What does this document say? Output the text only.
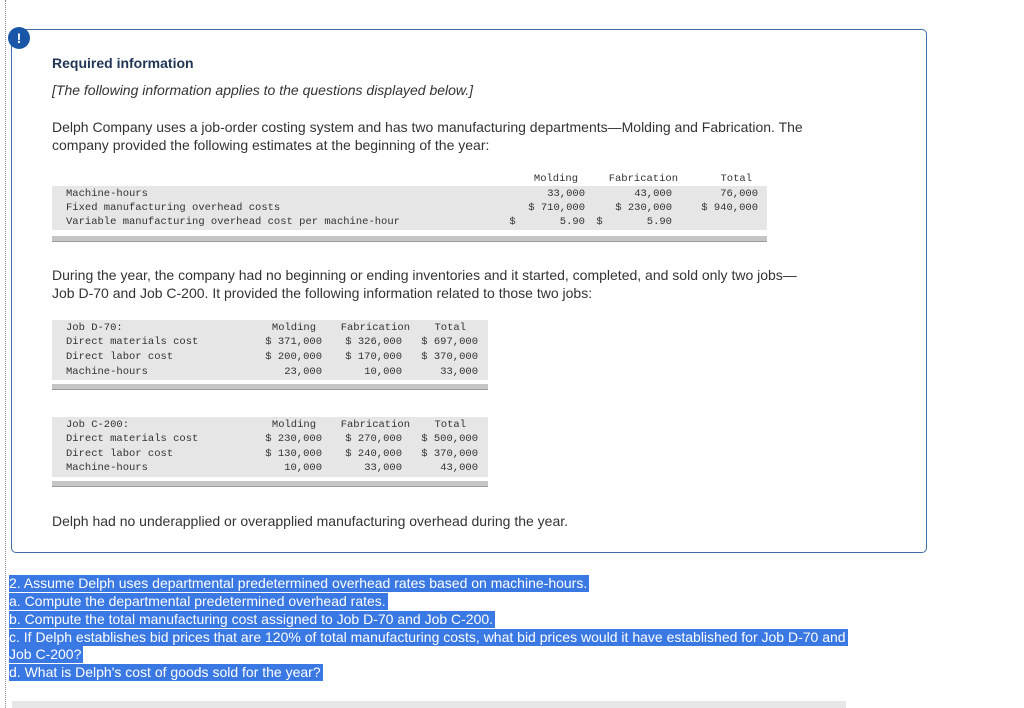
!
Required information
[The following information applies to the questions displayed below.]
Delph Company uses a job-order costing system and has two manufacturing departments—Molding and Fabrication. The
company provided the following estimates at the beginning of the year:
Molding	Fabrication	Total
Machine-hours	33,000	43,000	76,000
Fixed manufacturing overhead costs	$ 710,000	$ 230,000	$ 940,000
Variable manufacturing overhead cost per machine-hour	$       5.90	$       5.90
During the year, the company had no beginning or ending inventories and it started, completed, and sold only two jobs—
Job D-70 and Job C-200. It provided the following information related to those two jobs:
Job D-70:	Molding	Fabrication	Total
Direct materials cost	$ 371,000	$ 326,000	$ 697,000
Direct labor cost	$ 200,000	$ 170,000	$ 370,000
Machine-hours	23,000	10,000	33,000
Job C-200:	Molding	Fabrication	Total
Direct materials cost	$ 230,000	$ 270,000	$ 500,000
Direct labor cost	$ 130,000	$ 240,000	$ 370,000
Machine-hours	10,000	33,000	43,000
Delph had no underapplied or overapplied manufacturing overhead during the year.
2. Assume Delph uses departmental predetermined overhead rates based on machine-hours.
a. Compute the departmental predetermined overhead rates.
b. Compute the total manufacturing cost assigned to Job D-70 and Job C-200.
c. If Delph establishes bid prices that are 120% of total manufacturing costs, what bid prices would it have established for Job D-70 and
Job C-200?
d. What is Delph's cost of goods sold for the year?
